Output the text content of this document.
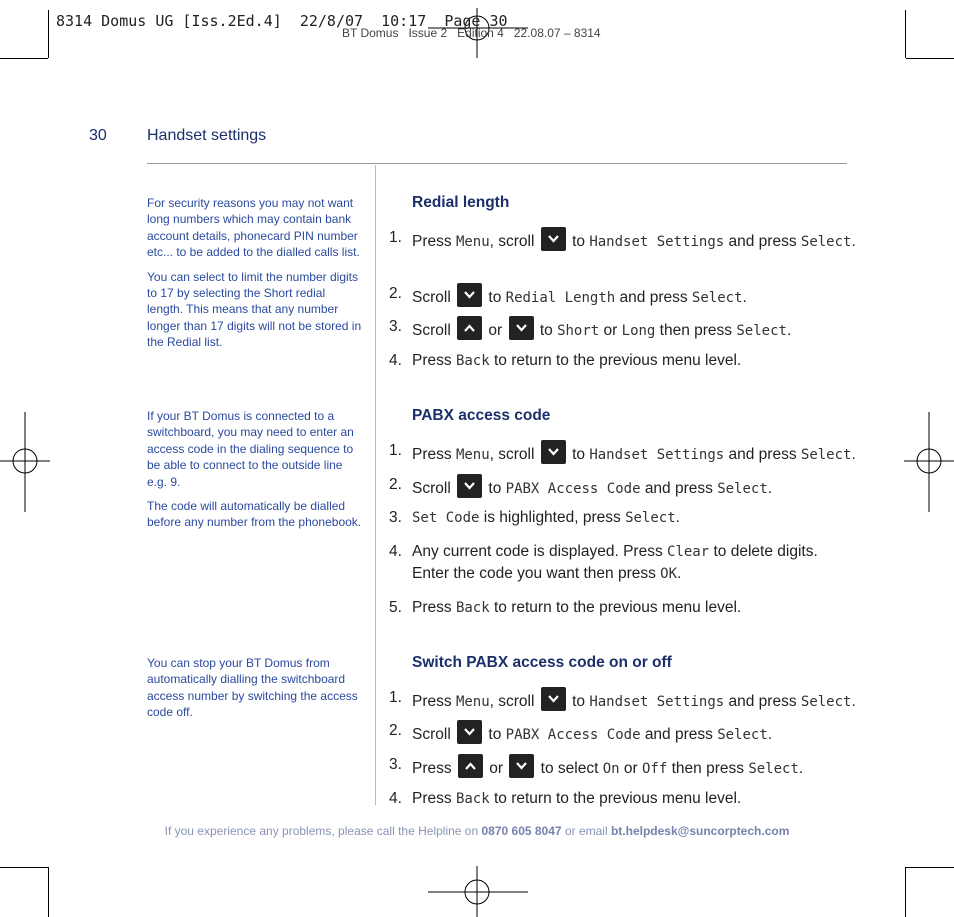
8314 Domus UG [Iss.2Ed.4]  22/8/07  10:17  Page 30
BT Domus   Issue 2   Edition 4   22.08.07 – 8314
30	Handset settings

For security reasons you may not want long numbers which may contain bank account details, phonecard PIN number etc... to be added to the dialled calls list.

You can select to limit the number digits to 17 by selecting the Short redial length. This means that any number longer than 17 digits will not be stored in the Redial list.

If your BT Domus is connected to a switchboard, you may need to enter an access code in the dialing sequence to be able to connect to the outside line e.g. 9.

The code will automatically be dialled before any number from the phonebook.

You can stop your BT Domus from automatically dialling the switchboard access number by switching the access code off.

Redial length
1. Press Menu, scroll to Handset Settings and press Select.
2. Scroll to Redial Length and press Select.
3. Scroll or to Short or Long then press Select.
4. Press Back to return to the previous menu level.
PABX access code
1. Press Menu, scroll to Handset Settings and press Select.
2. Scroll to PABX Access Code and press Select.
3. Set Code is highlighted, press Select.
4. Any current code is displayed. Press Clear to delete digits. Enter the code you want then press OK.
5. Press Back to return to the previous menu level.
Switch PABX access code on or off
1. Press Menu, scroll to Handset Settings and press Select.
2. Scroll to PABX Access Code and press Select.
3. Press or to select On or Off then press Select.
4. Press Back to return to the previous menu level.
If you experience any problems, please call the Helpline on 0870 605 8047 or email bt.helpdesk@suncorptech.com
